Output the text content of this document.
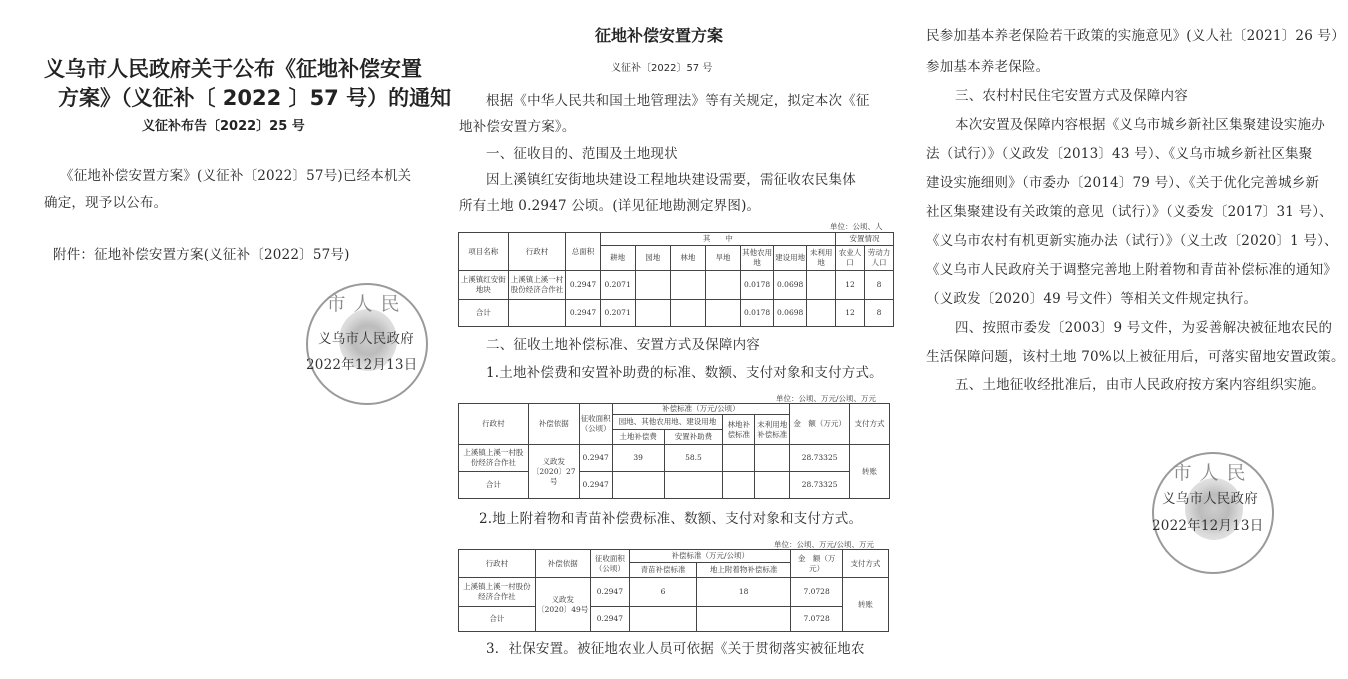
义乌市人民政府关于公布《征地补偿安置
方案》（义征补〔 2022 〕57 号）的通知
义征补布告〔2022〕25 号
《征地补偿安置方案》(义征补〔2022〕57号)已经本机关
确定，现予以公布。
附件：征地补偿安置方案(义征补〔2022〕57号)
市人民
义乌市人民政府
2022年12月13日
征地补偿安置方案
义征补〔2022〕57 号
根据《中华人民共和国土地管理法》等有关规定，拟定本次《征
地补偿安置方案》。
一、征收目的、范围及土地现状
因上溪镇红安街地块建设工程地块建设需要，需征收农民集体
所有土地 0.2947 公顷。(详见征地勘测定界图)。
单位：公顷、人
项目名称	行政村	总面积	其　　中							安置情况	
			耕地	园地	林地	旱地	其他农用地	建设用地	未利用地	农业人口	劳动力人口
上溪镇红安街地块	上溪镇上溪一村股份经济合作社	0.2947	0.2071				0.0178	0.0698		12	8
合计		0.2947	0.2071				0.0178	0.0698		12	8
二、征收土地补偿标准、安置方式及保障内容
1.土地补偿费和安置补助费的标准、数额、支付对象和支付方式。
单位：公顷、万元/公顷、万元
行政村	补偿依据	征收面积（公顷）	补偿标准（万元/公顷）				金　额（万元）	支付方式
			园地、其他农用地、建设用地		林地补偿标准	未利用地补偿标准		
			土地补偿费	安置补助费				
上溪镇上溪一村股份经济合作社	义政发〔2020〕27号	0.2947	39	58.5			28.73325	转账
合计		0.2947					28.73325	
2.地上附着物和青苗补偿费标准、数额、支付对象和支付方式。
单位：公顷、万元/公顷、万元
行政村	补偿依据	征收面积（公顷）	补偿标准（万元/公顷）		金　额（万元）	支付方式
			青苗补偿标准	地上附着物补偿标准		
上溪镇上溪一村股份经济合作社	义政发〔2020〕49号	0.2947	6	18	7.0728	转账
合计		0.2947			7.0728	
3．社保安置。被征地农业人员可依据《关于贯彻落实被征地农
民参加基本养老保险若干政策的实施意见》(义人社〔2021〕26 号）
参加基本养老保险。
三、农村村民住宅安置方式及保障内容
本次安置及保障内容根据《义乌市城乡新社区集聚建设实施办
法（试行）》（义政发〔2013〕43 号）、《义乌市城乡新社区集聚
建设实施细则》（市委办〔2014〕79 号）、《关于优化完善城乡新
社区集聚建设有关政策的意见（试行）》（义委发〔2017〕31 号）、
《义乌市农村有机更新实施办法（试行）》（义土改〔2020〕1 号）、
《义乌市人民政府关于调整完善地上附着物和青苗补偿标准的通知》
（义政发〔2020〕49 号文件）等相关文件规定执行。
四、按照市委发〔2003〕9 号文件，为妥善解决被征地农民的
生活保障问题，该村土地 70%以上被征用后，可落实留地安置政策。
五、土地征收经批准后，由市人民政府按方案内容组织实施。
市人民
义乌市人民政府
2022年12月13日
